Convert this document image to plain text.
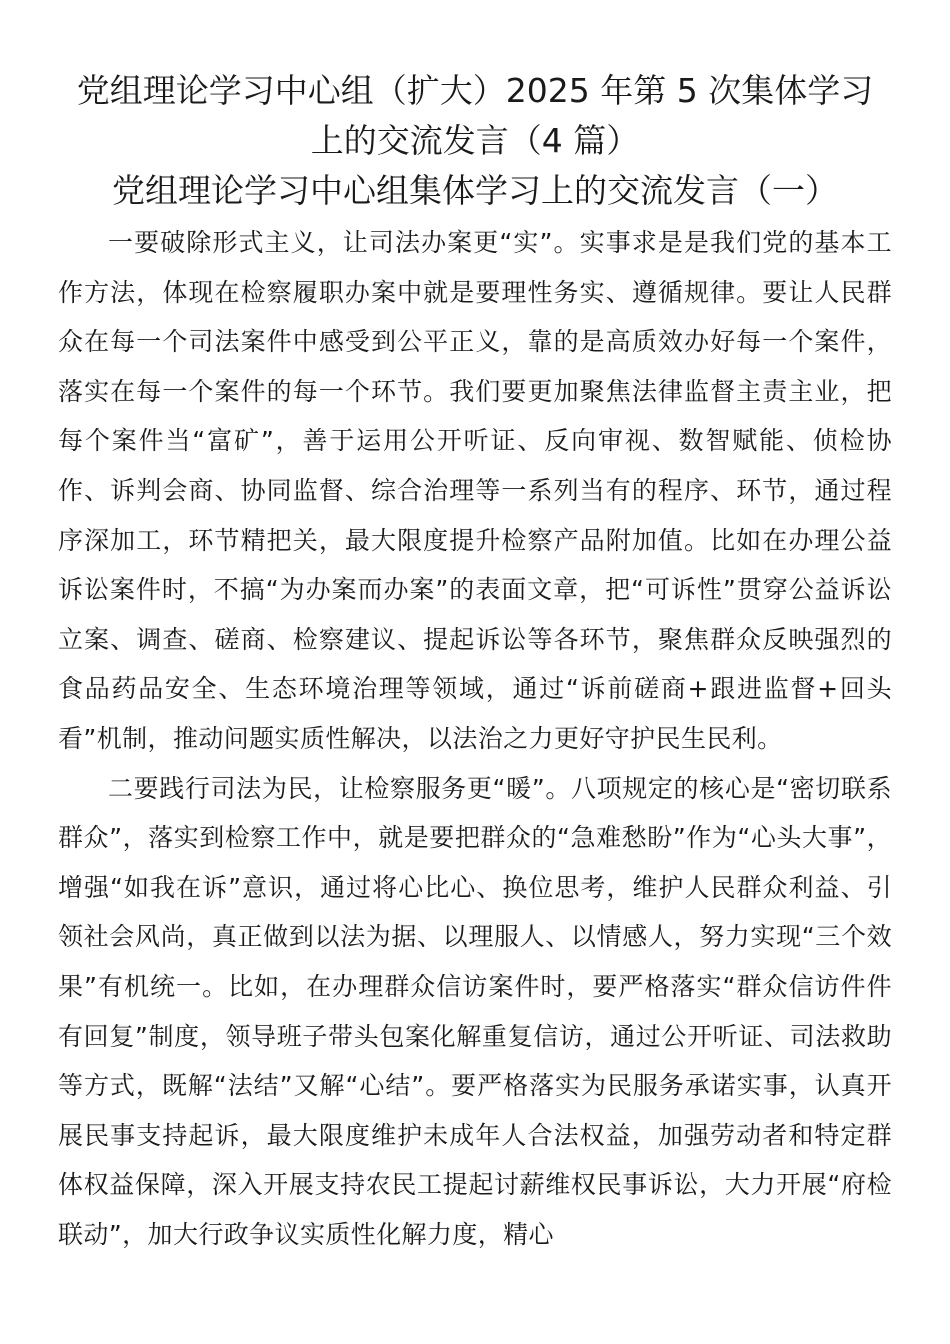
党组理论学习中心组（扩大）2025 年第 5 次集体学习
上的交流发言（4 篇）
党组理论学习中心组集体学习上的交流发言（一）

一要破除形式主义，让司法办案更“实”。实事求是是我们党的基本工作方法，体现在检察履职办案中就是要理性务实、遵循规律。要让人民群众在每一个司法案件中感受到公平正义，靠的是高质效办好每一个案件，落实在每一个案件的每一个环节。我们要更加聚焦法律监督主责主业，把每个案件当“富矿”，善于运用公开听证、反向审视、数智赋能、侦检协作、诉判会商、协同监督、综合治理等一系列当有的程序、环节，通过程序深加工，环节精把关，最大限度提升检察产品附加值。比如在办理公益诉讼案件时，不搞“为办案而办案”的表面文章，把“可诉性”贯穿公益诉讼立案、调查、磋商、检察建议、提起诉讼等各环节，聚焦群众反映强烈的食品药品安全、生态环境治理等领域，通过“诉前磋商+跟进监督+回头看”机制，推动问题实质性解决，以法治之力更好守护民生民利。

二要践行司法为民，让检察服务更“暖”。八项规定的核心是“密切联系群众”，落实到检察工作中，就是要把群众的“急难愁盼”作为“心头大事”，增强“如我在诉”意识，通过将心比心、换位思考，维护人民群众利益、引领社会风尚，真正做到以法为据、以理服人、以情感人，努力实现“三个效果”有机统一。比如，在办理群众信访案件时，要严格落实“群众信访件件有回复”制度，领导班子带头包案化解重复信访，通过公开听证、司法救助等方式，既解“法结”又解“心结”。要严格落实为民服务承诺实事，认真开展民事支持起诉，最大限度维护未成年人合法权益，加强劳动者和特定群体权益保障，深入开展支持农民工提起讨薪维权民事诉讼，大力开展“府检联动”，加大行政争议实质性化解力度，精心
